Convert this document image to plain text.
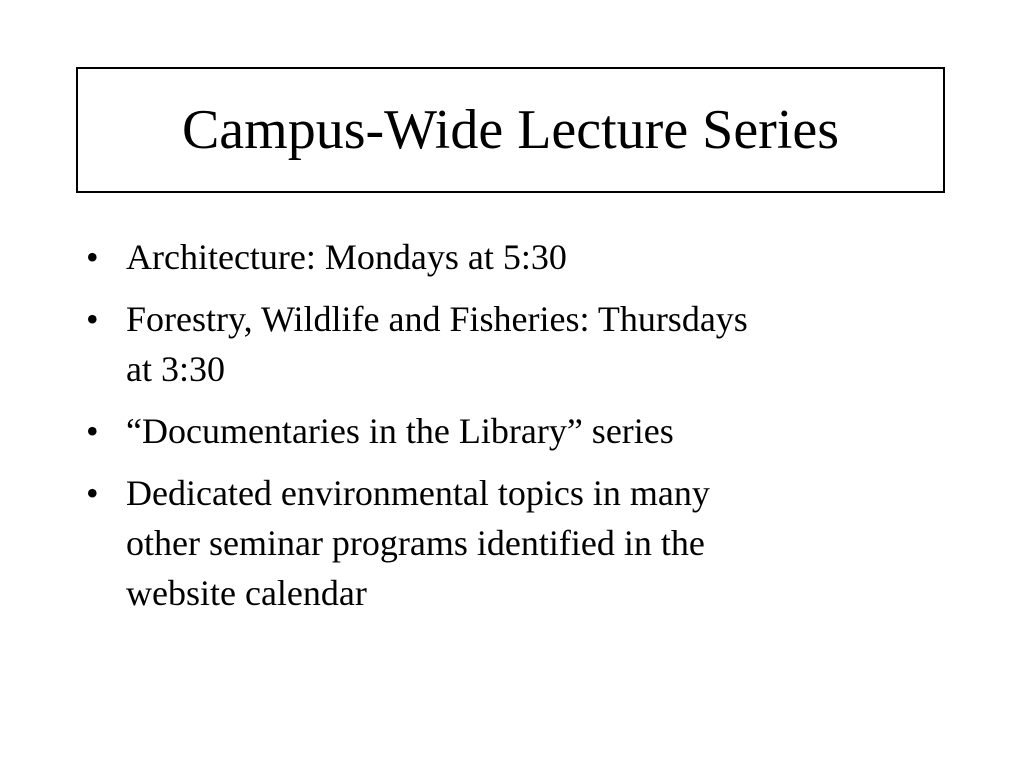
Campus-Wide Lecture Series
• Architecture: Mondays at 5:30
• Forestry, Wildlife and Fisheries: Thursdays
at 3:30
• “Documentaries in the Library” series
• Dedicated environmental topics in many
other seminar programs identified in the
website calendar
